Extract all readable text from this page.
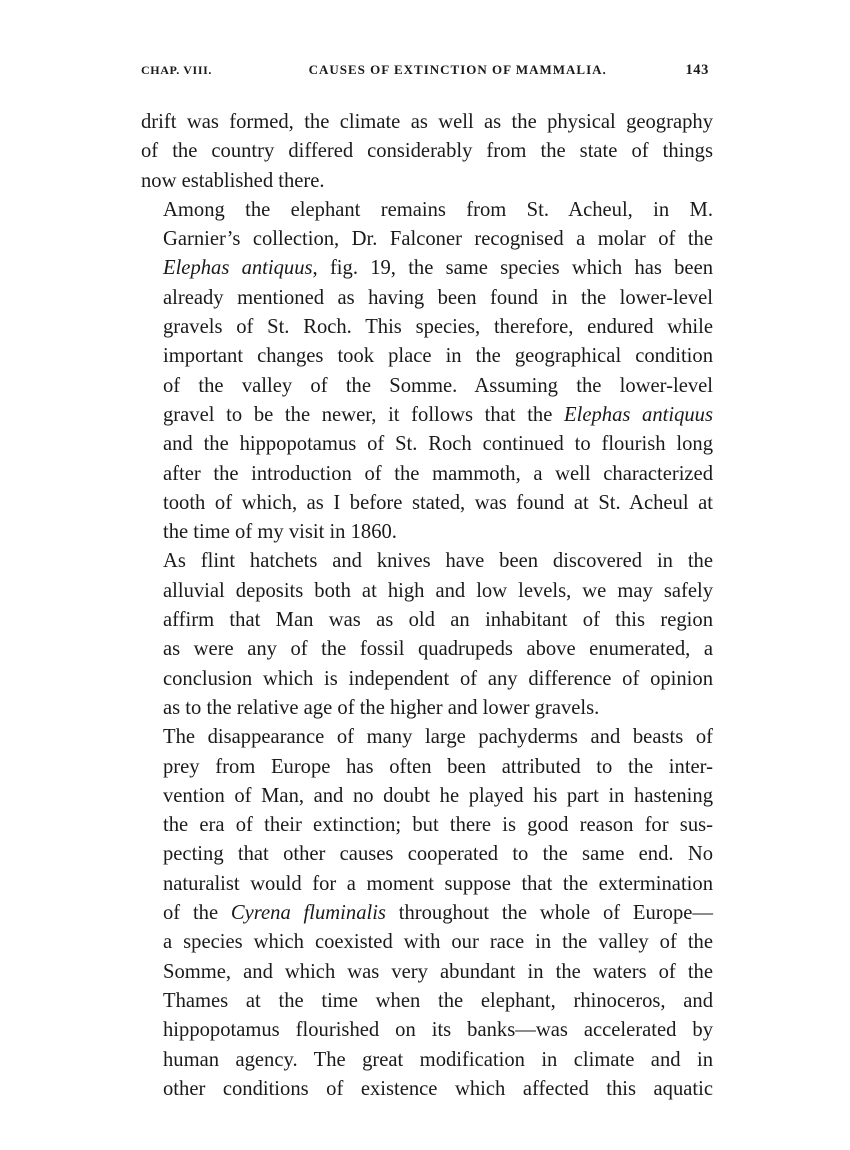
CHAP. VIII.	CAUSES OF EXTINCTION OF MAMMALIA.	143

drift was formed, the climate as well as the physical geography
of the country differed considerably from the state of things
now established there.

Among the elephant remains from St. Acheul, in M.
Garnier’s collection, Dr. Falconer recognised a molar of the
Elephas antiquus, fig. 19, the same species which has been
already mentioned as having been found in the lower-level
gravels of St. Roch. This species, therefore, endured while
important changes took place in the geographical condition
of the valley of the Somme. Assuming the lower-level
gravel to be the newer, it follows that the Elephas antiquus
and the hippopotamus of St. Roch continued to flourish long
after the introduction of the mammoth, a well characterized
tooth of which, as I before stated, was found at St. Acheul at
the time of my visit in 1860.

As flint hatchets and knives have been discovered in the
alluvial deposits both at high and low levels, we may safely
affirm that Man was as old an inhabitant of this region
as were any of the fossil quadrupeds above enumerated, a
conclusion which is independent of any difference of opinion
as to the relative age of the higher and lower gravels.

The disappearance of many large pachyderms and beasts of
prey from Europe has often been attributed to the inter-
vention of Man, and no doubt he played his part in hastening
the era of their extinction; but there is good reason for sus-
pecting that other causes cooperated to the same end. No
naturalist would for a moment suppose that the extermination
of the Cyrena fluminalis throughout the whole of Europe—
a species which coexisted with our race in the valley of the
Somme, and which was very abundant in the waters of the
Thames at the time when the elephant, rhinoceros, and
hippopotamus flourished on its banks—was accelerated by
human agency. The great modification in climate and in
other conditions of existence which affected this aquatic
